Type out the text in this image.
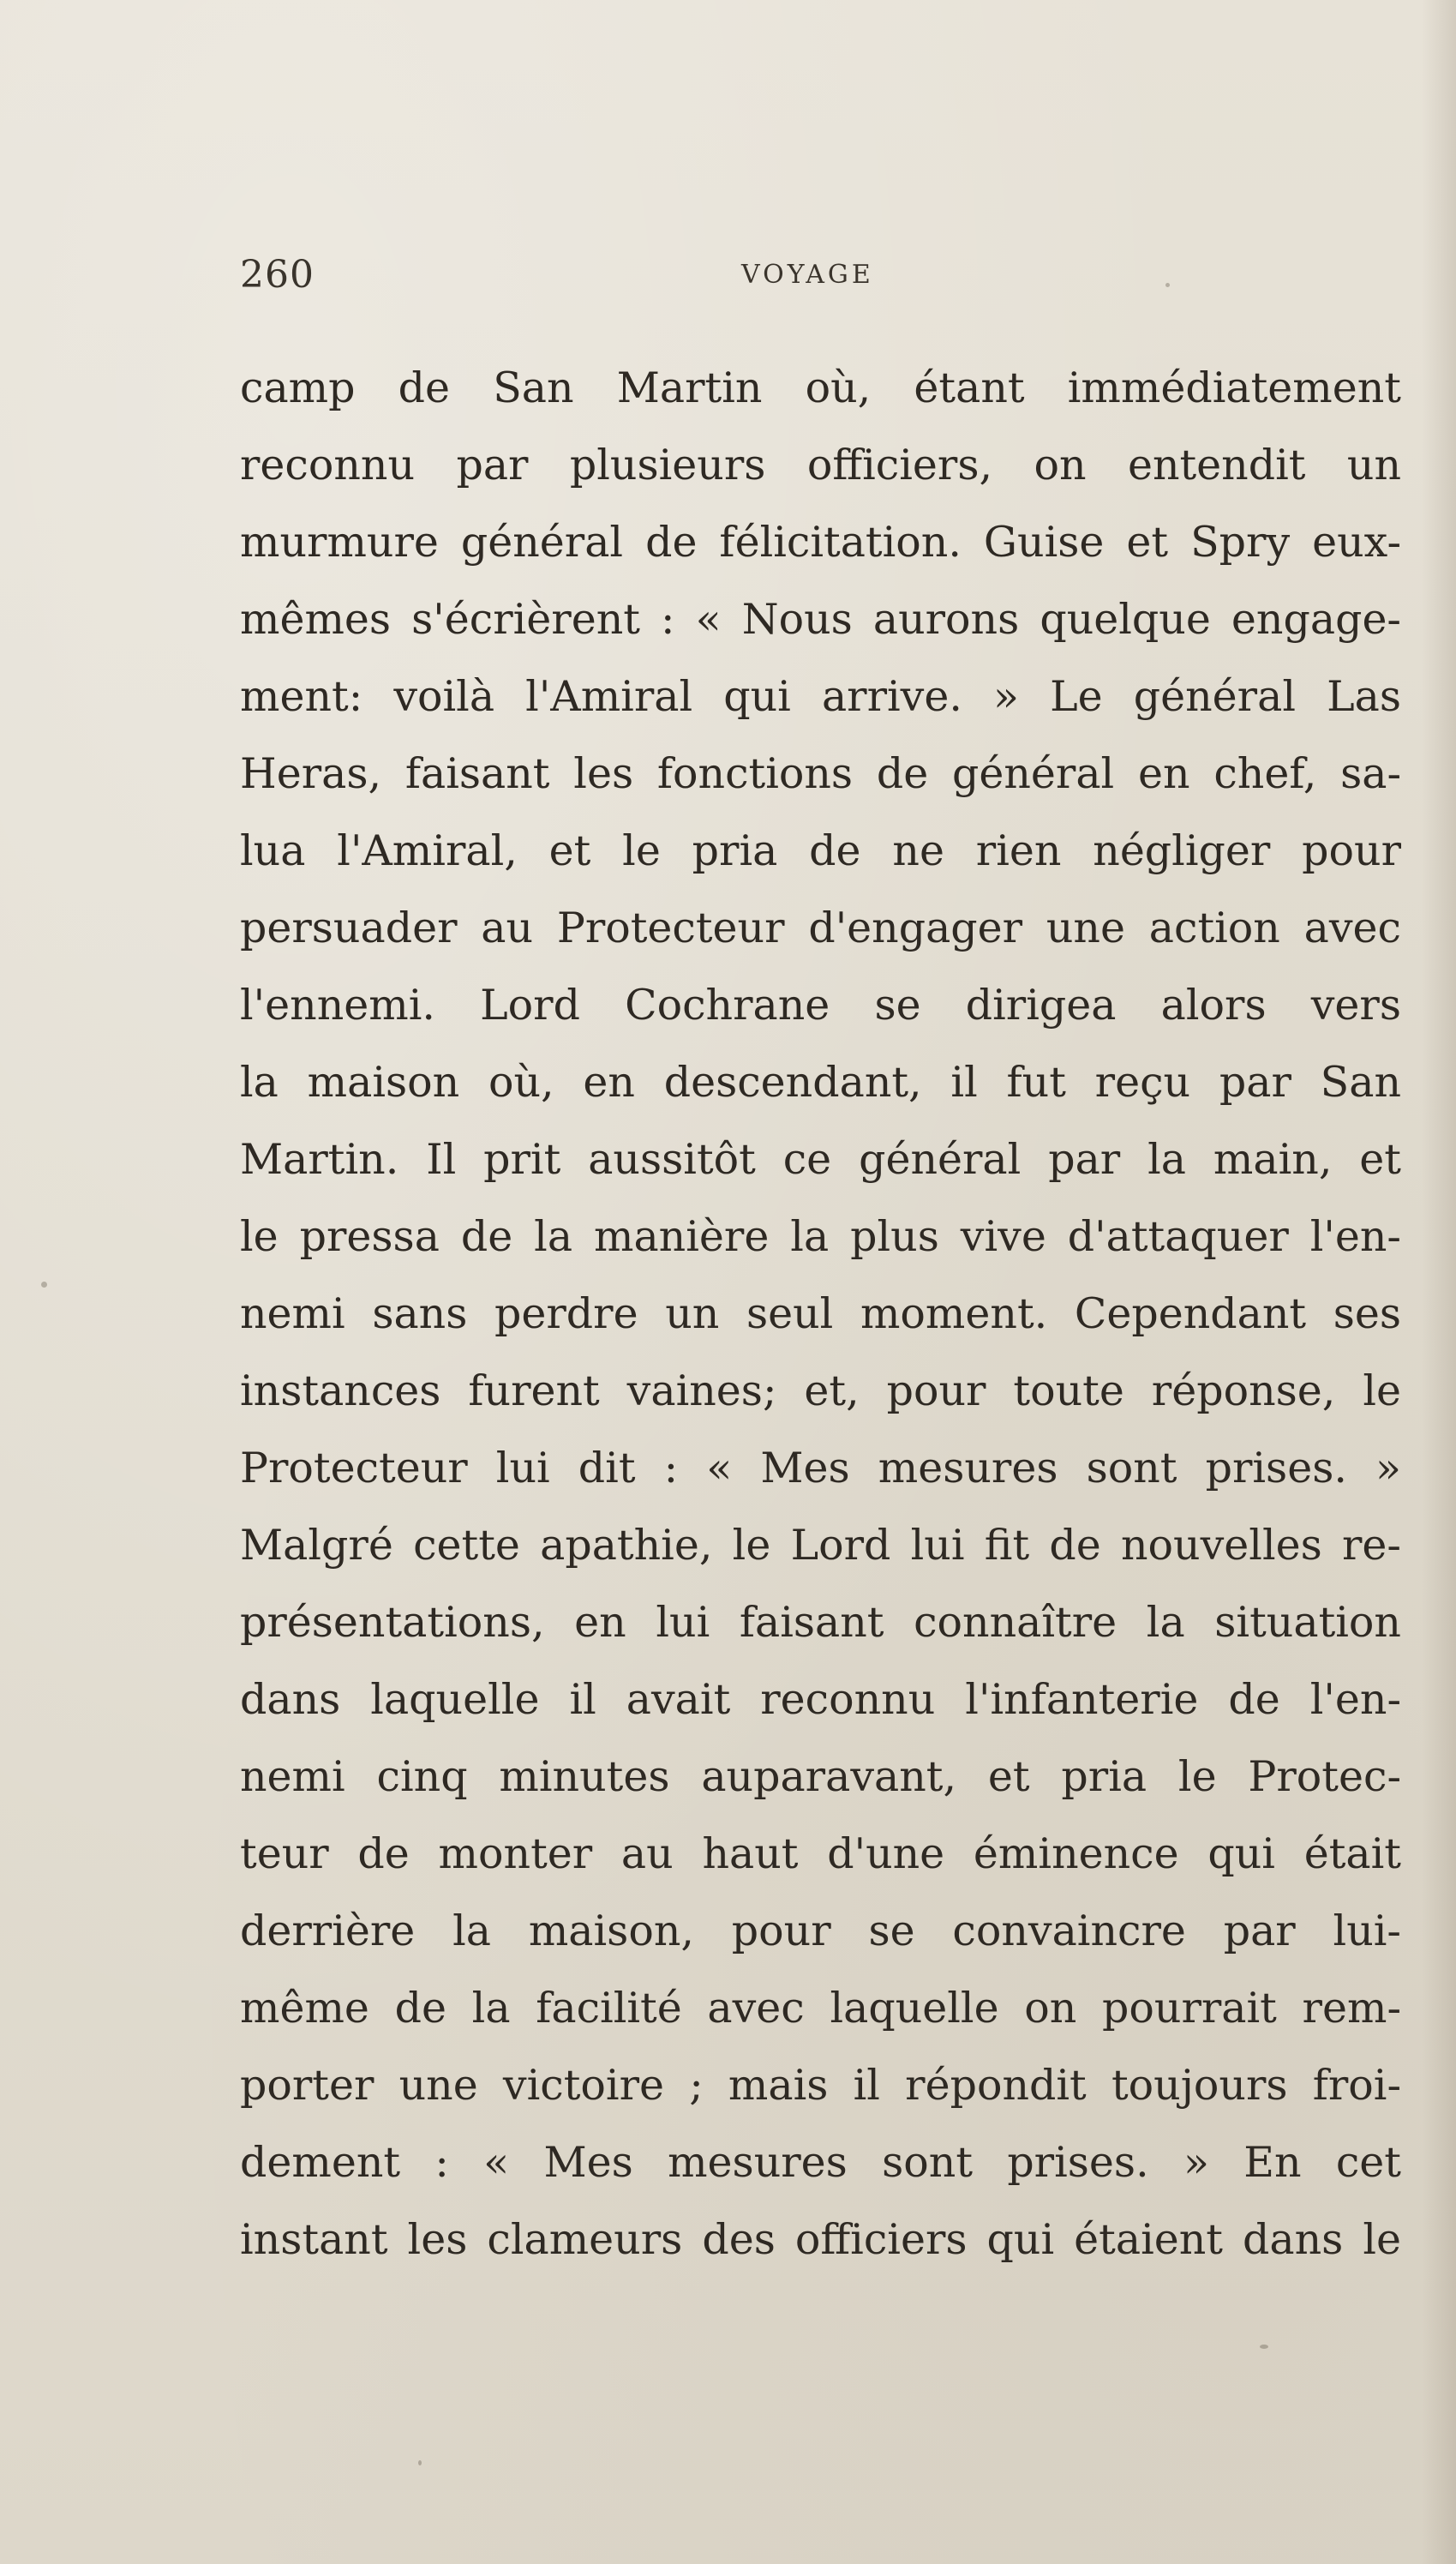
260	VOYAGE
camp de San Martin où, étant immédiatement
reconnu par plusieurs officiers, on entendit un
murmure général de félicitation. Guise et Spry eux-
mêmes s'écrièrent : « Nous aurons quelque engage-
ment: voilà l'Amiral qui arrive. » Le général Las
Heras, faisant les fonctions de général en chef, sa-
lua l'Amiral, et le pria de ne rien négliger pour
persuader au Protecteur d'engager une action avec
l'ennemi. Lord Cochrane se dirigea alors vers
la maison où, en descendant, il fut reçu par San
Martin. Il prit aussitôt ce général par la main, et
le pressa de la manière la plus vive d'attaquer l'en-
nemi sans perdre un seul moment. Cependant ses
instances furent vaines; et, pour toute réponse, le
Protecteur lui dit : « Mes mesures sont prises. »
Malgré cette apathie, le Lord lui fit de nouvelles re-
présentations, en lui faisant connaître la situation
dans laquelle il avait reconnu l'infanterie de l'en-
nemi cinq minutes auparavant, et pria le Protec-
teur de monter au haut d'une éminence qui était
derrière la maison, pour se convaincre par lui-
même de la facilité avec laquelle on pourrait rem-
porter une victoire ; mais il répondit toujours froi-
dement : « Mes mesures sont prises. » En cet
instant les clameurs des officiers qui étaient dans le
